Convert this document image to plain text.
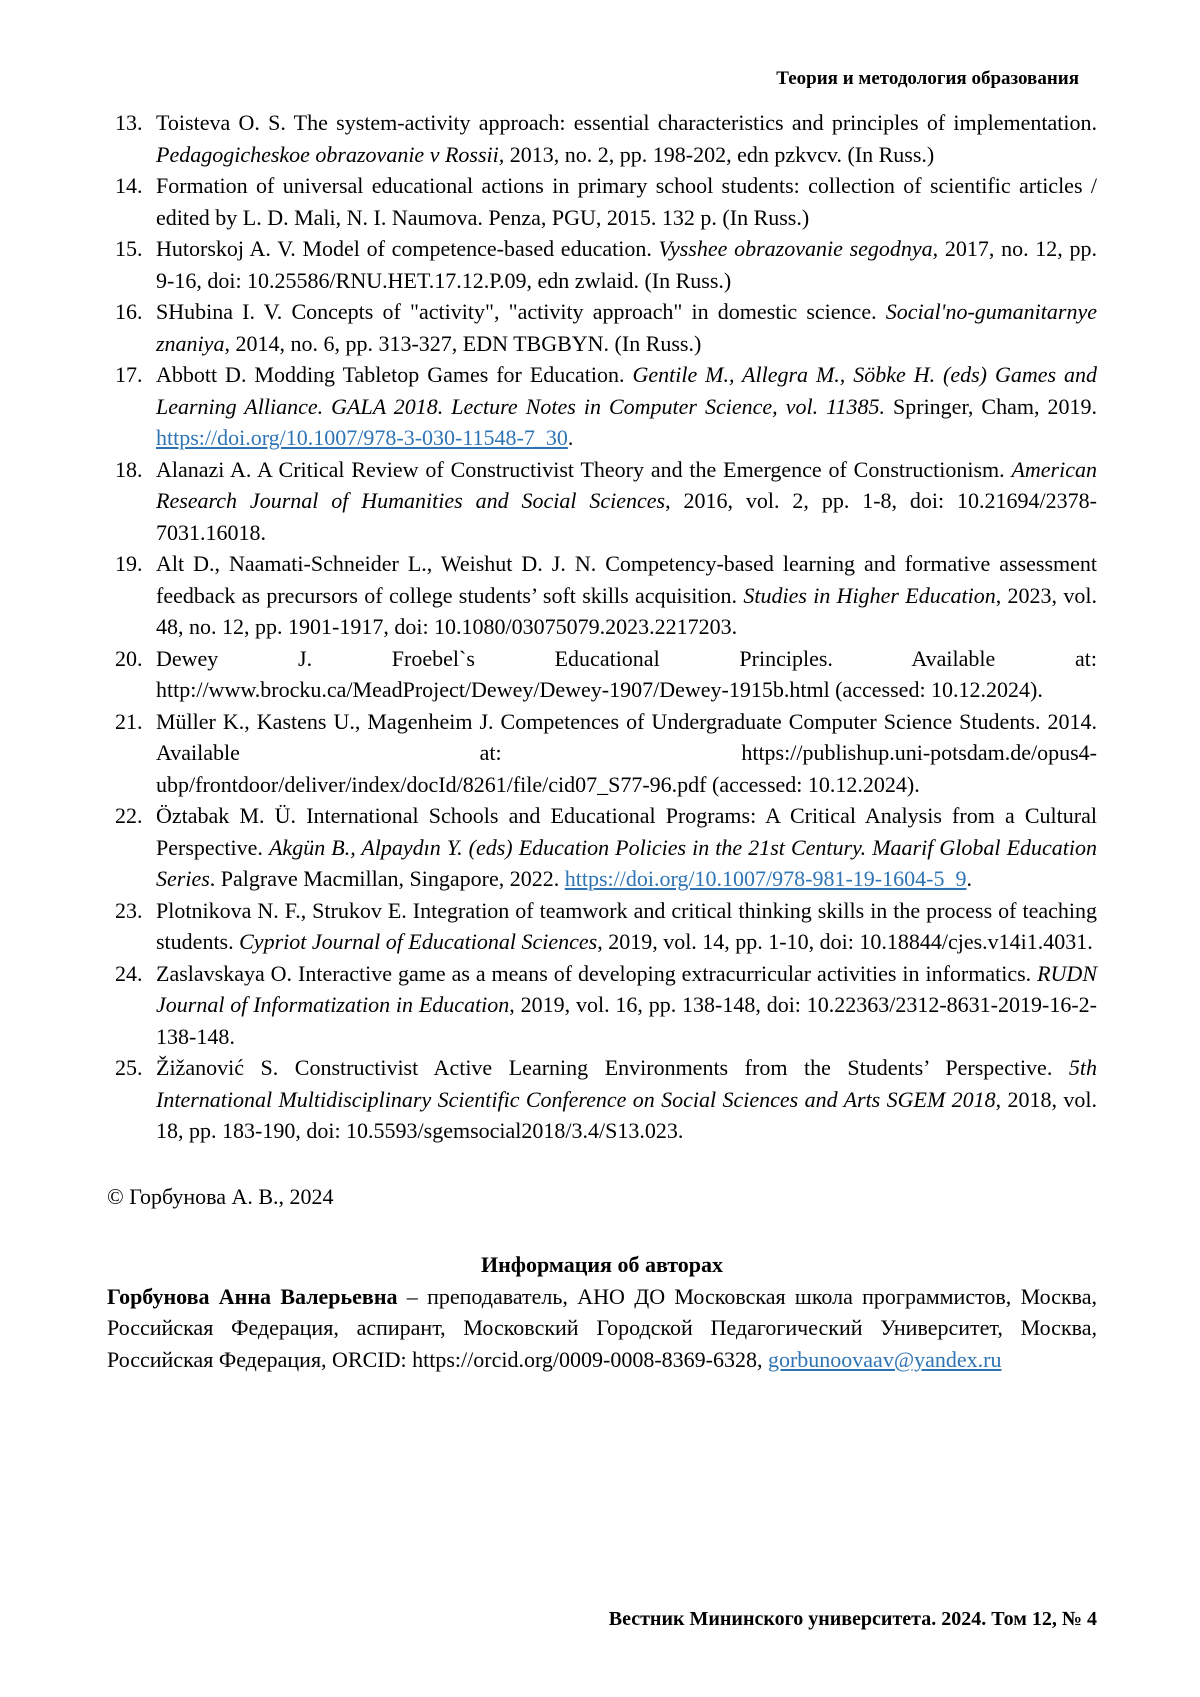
Теория и методология образования
13. Toisteva O. S. The system-activity approach: essential characteristics and principles of implementation. Pedagogicheskoe obrazovanie v Rossii, 2013, no. 2, pp. 198-202, edn pzkvcv. (In Russ.)
14. Formation of universal educational actions in primary school students: collection of scientific articles / edited by L. D. Mali, N. I. Naumova. Penza, PGU, 2015. 132 p. (In Russ.)
15. Hutorskoj A. V. Model of competence-based education. Vysshee obrazovanie segodnya, 2017, no. 12, pp. 9-16, doi: 10.25586/RNU.HET.17.12.P.09, edn zwlaid. (In Russ.)
16. SHubina I. V. Concepts of "activity", "activity approach" in domestic science. Social'no-gumanitarnye znaniya, 2014, no. 6, pp. 313-327, EDN TBGBYN. (In Russ.)
17. Abbott D. Modding Tabletop Games for Education. Gentile M., Allegra M., Söbke H. (eds) Games and Learning Alliance. GALA 2018. Lecture Notes in Computer Science, vol. 11385. Springer, Cham, 2019. https://doi.org/10.1007/978-3-030-11548-7_30.
18. Alanazi A. A Critical Review of Constructivist Theory and the Emergence of Constructionism. American Research Journal of Humanities and Social Sciences, 2016, vol. 2, pp. 1-8, doi: 10.21694/2378-7031.16018.
19. Alt D., Naamati-Schneider L., Weishut D. J. N. Competency-based learning and formative assessment feedback as precursors of college students’ soft skills acquisition. Studies in Higher Education, 2023, vol. 48, no. 12, pp. 1901-1917, doi: 10.1080/03075079.2023.2217203.
20. Dewey J. Froebel`s Educational Principles. Available at: http://www.brocku.ca/MeadProject/Dewey/Dewey-1907/Dewey-1915b.html (accessed: 10.12.2024).
21. Müller K., Kastens U., Magenheim J. Competences of Undergraduate Computer Science Students. 2014. Available at: https://publishup.uni-potsdam.de/opus4-ubp/frontdoor/deliver/index/docId/8261/file/cid07_S77-96.pdf (accessed: 10.12.2024).
22. Öztabak M. Ü. International Schools and Educational Programs: A Critical Analysis from a Cultural Perspective. Akgün B., Alpaydın Y. (eds) Education Policies in the 21st Century. Maarif Global Education Series. Palgrave Macmillan, Singapore, 2022. https://doi.org/10.1007/978-981-19-1604-5_9.
23. Plotnikova N. F., Strukov E. Integration of teamwork and critical thinking skills in the process of teaching students. Cypriot Journal of Educational Sciences, 2019, vol. 14, pp. 1-10, doi: 10.18844/cjes.v14i1.4031.
24. Zaslavskaya O. Interactive game as a means of developing extracurricular activities in informatics. RUDN Journal of Informatization in Education, 2019, vol. 16, pp. 138-148, doi: 10.22363/2312-8631-2019-16-2-138-148.
25. Žižanović S. Constructivist Active Learning Environments from the Students’ Perspective. 5th International Multidisciplinary Scientific Conference on Social Sciences and Arts SGEM 2018, 2018, vol. 18, pp. 183-190, doi: 10.5593/sgemsocial2018/3.4/S13.023.
© Горбунова А. В., 2024
Информация об авторах

Горбунова Анна Валерьевна – преподаватель, АНО ДО Московская школа программистов, Москва, Российская Федерация, аспирант, Московский Городской Педагогический Университет, Москва, Российская Федерация, ORCID: https://orcid.org/0009-0008-8369-6328, gorbunoovaav@yandex.ru

Вестник Мининского университета. 2024. Том 12, № 4
